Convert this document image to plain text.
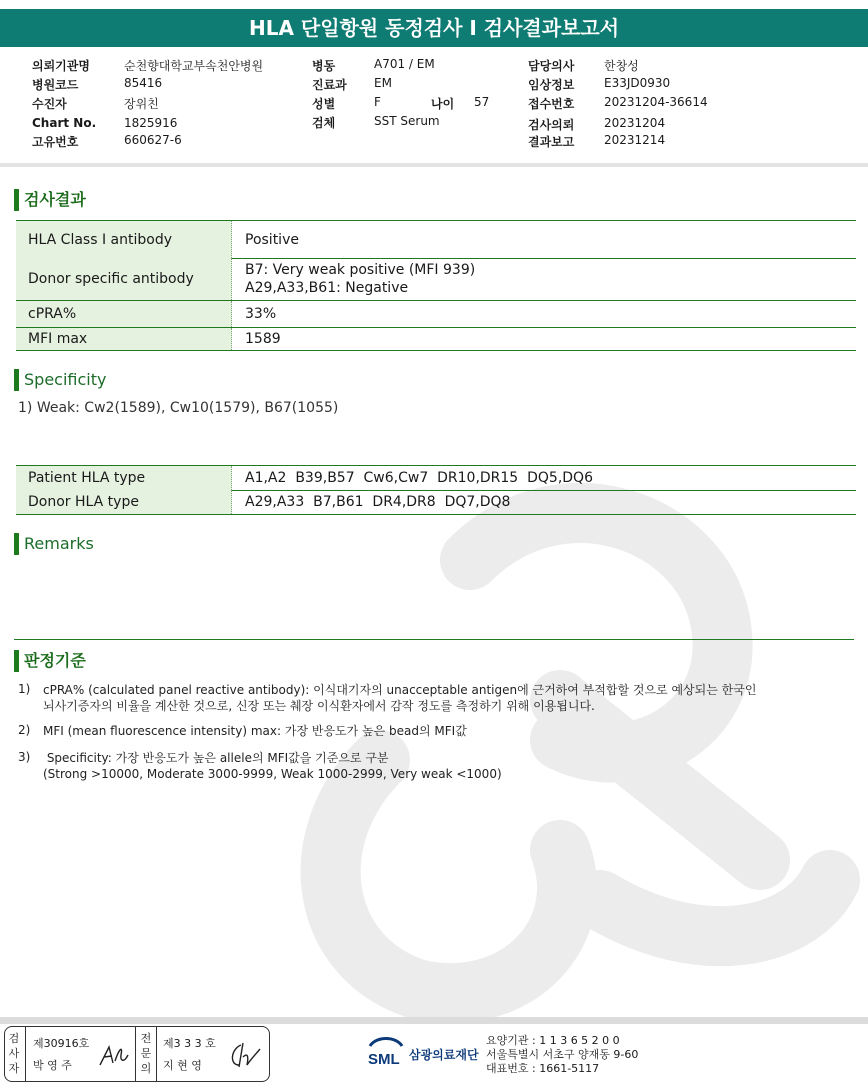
HLA 단일항원 동정검사 I 검사결과보고서
의뢰기관명	순천향대학교부속천안병원
병원코드	85416
수진자	장위친
Chart No. 1825916
고유번호	660627-6
병동	A701 / EM
진료과 EM
성별	F	나이 57
검체	SST Serum
담당의사 한창성
임상정보 E33JD0930
접수번호 20231204-36614
검사의뢰 20231204
결과보고 20231214
검사결과
HLA Class I antibody	Positive
Donor specific antibody
B7: Very weak positive (MFI 939)
A29,A33,B61: Negative
cPRA%	33%
MFI max	1589
Specificity
1) Weak: Cw2(1589), Cw10(1579), B67(1055)
Patient HLA type	A1,A2  B39,B57  Cw6,Cw7  DR10,DR15  DQ5,DQ6
Donor HLA type	A29,A33  B7,B61  DR4,DR8  DQ7,DQ8
Remarks
판정기준
1) cPRA% (calculated panel reactive antibody): 이식대기자의 unacceptable antigen에 근거하여 부적합할 것으로 예상되는 한국인
뇌사기증자의 비율을 계산한 것으로, 신장 또는 췌장 이식환자에서 감작 정도를 측정하기 위해 이용됩니다.
2) MFI (mean fluorescence intensity) max: 가장 반응도가 높은 bead의 MFI값
3) Specificity: 가장 반응도가 높은 allele의 MFI값을 기준으로 구분
(Strong >10000, Moderate 3000-9999, Weak 1000-2999, Very weak <1000)
검사자
제30916호
박 영 주
전문의
제3 3 3 호
지 현 영	SML 삼광의료재단
요양기관 : 1 1 3 6 5 2 0 0
서울특별시 서초구 양재동 9-60
대표번호 : 1661-5117
